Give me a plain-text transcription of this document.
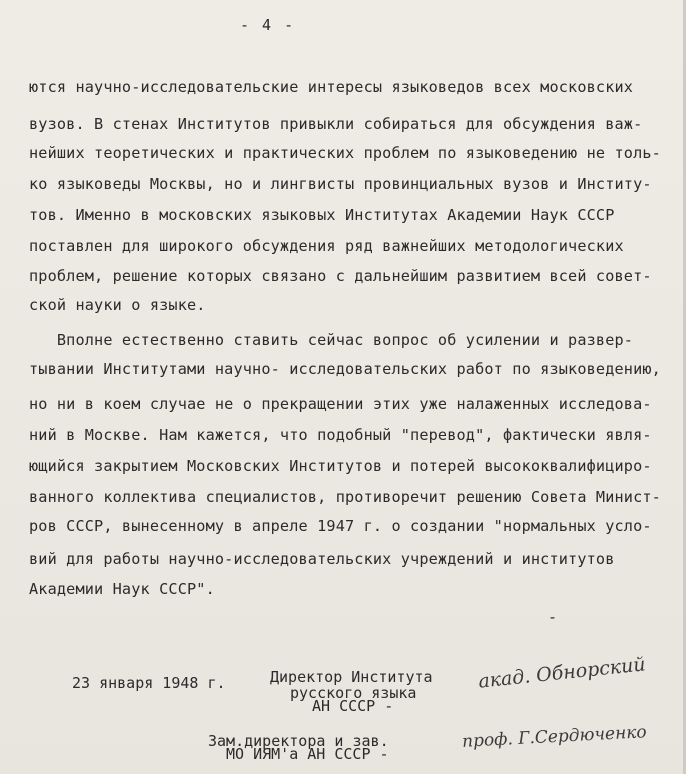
- 4 -
ются научно-исследовательские интересы языковедов всех московских
вузов. В стенах Институтов привыкли собираться для обсуждения важ-
нейших теоретических и практических проблем по языковедению не толь-
ко языковеды Москвы, но и лингвисты провинциальных вузов и Институ-
тов. Именно в московских языковых Институтах Академии Наук СССР
поставлен для широкого обсуждения ряд важнейших методологических
проблем, решение которых связано с дальнейшим развитием всей совет-
ской науки о языке.
Вполне естественно ставить сейчас вопрос об усилении и развер-
тывании Институтами научно- исследовательских работ по языковедению,
но ни в коем случае не о прекращении этих уже налаженных исследова-
ний в Москве. Нам кажется, что подобный "перевод", фактически явля-
ющийся закрытием Московских Институтов и потерей высококвалифициро-
ванного коллектива специалистов, противоречит решению Совета Минист-
ров СССР, вынесенному в апреле 1947 г. о создании "нормальных усло-
вий для работы научно-исследовательских учреждений и институтов
Академии Наук СССР".
-
23 января 1948 г.	Директор Института
русского языка
АН СССР -
акад. Обнорский
Зам.директора и зав.
МО ИЯМ'а АН СССР -
проф. Г.Сердюченко
